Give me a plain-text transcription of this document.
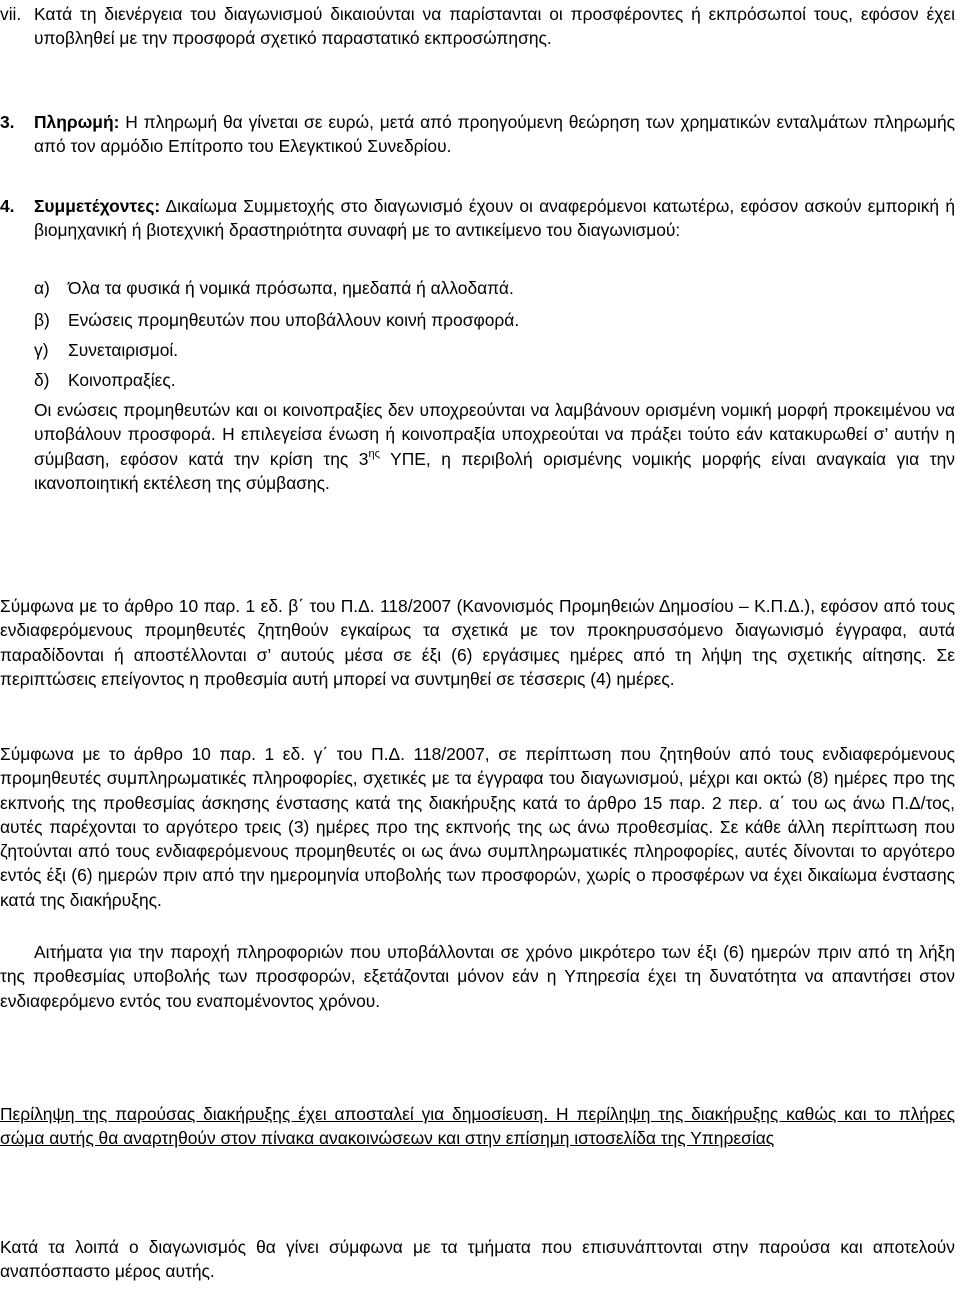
vii. Κατά τη διενέργεια του διαγωνισμού δικαιούνται να παρίστανται οι προσφέροντες ή εκπρόσωποί τους, εφόσον έχει υποβληθεί με την προσφορά σχετικό παραστατικό εκπροσώπησης.
3. Πληρωμή: Η πληρωμή θα γίνεται σε ευρώ, μετά από προηγούμενη θεώρηση των χρηματικών ενταλμάτων πληρωμής από τον αρμόδιο Επίτροπο του Ελεγκτικού Συνεδρίου.
4. Συμμετέχοντες: Δικαίωμα Συμμετοχής στο διαγωνισμό έχουν οι αναφερόμενοι κατωτέρω, εφόσον ασκούν εμπορική ή βιομηχανική ή βιοτεχνική δραστηριότητα συναφή με το αντικείμενο του διαγωνισμού:
α) Όλα τα φυσικά ή νομικά πρόσωπα, ημεδαπά ή αλλοδαπά.
β) Ενώσεις προμηθευτών που υποβάλλουν κοινή προσφορά.
γ) Συνεταιρισμοί.
δ) Κοινοπραξίες.
Οι ενώσεις προμηθευτών και οι κοινοπραξίες δεν υποχρεούνται να λαμβάνουν ορισμένη νομική μορφή προκειμένου να υποβάλουν προσφορά. Η επιλεγείσα ένωση ή κοινοπραξία υποχρεούται να πράξει τούτο εάν κατακυρωθεί σ’ αυτήν η σύμβαση, εφόσον κατά την κρίση της $3^{\eta\varsigma}$ ΥΠΕ, η περιβολή ορισμένης νομικής μορφής είναι αναγκαία για την ικανοποιητική εκτέλεση της σύμβασης.
Σύμφωνα με το άρθρο 10 παρ. 1 εδ. β΄ του Π.Δ. 118/2007 (Κανονισμός Προμηθειών Δημοσίου – Κ.Π.Δ.), εφόσον από τους ενδιαφερόμενους προμηθευτές ζητηθούν εγκαίρως τα σχετικά με τον προκηρυσσόμενο διαγωνισμό έγγραφα, αυτά παραδίδονται ή αποστέλλονται σ’ αυτούς μέσα σε έξι (6) εργάσιμες ημέρες από τη λήψη της σχετικής αίτησης. Σε περιπτώσεις επείγοντος η προθεσμία αυτή μπορεί να συντμηθεί σε τέσσερις (4) ημέρες.
Σύμφωνα με το άρθρο 10 παρ. 1 εδ. γ΄ του Π.Δ. 118/2007, σε περίπτωση που ζητηθούν από τους ενδιαφερόμενους προμηθευτές συμπληρωματικές πληροφορίες, σχετικές με τα έγγραφα του διαγωνισμού, μέχρι και οκτώ (8) ημέρες προ της εκπνοής της προθεσμίας άσκησης ένστασης κατά της διακήρυξης κατά το άρθρο 15 παρ. 2 περ. α΄ του ως άνω Π.Δ/τος, αυτές παρέχονται το αργότερο τρεις (3) ημέρες προ της εκπνοής της ως άνω προθεσμίας. Σε κάθε άλλη περίπτωση που ζητούνται από τους ενδιαφερόμενους προμηθευτές οι ως άνω συμπληρωματικές πληροφορίες, αυτές δίνονται το αργότερο εντός έξι (6) ημερών πριν από την ημερομηνία υποβολής των προσφορών, χωρίς ο προσφέρων να έχει δικαίωμα ένστασης κατά της διακήρυξης.
Αιτήματα για την παροχή πληροφοριών που υποβάλλονται σε χρόνο μικρότερο των έξι (6) ημερών πριν από τη λήξη της προθεσμίας υποβολής των προσφορών, εξετάζονται μόνον εάν η Υπηρεσία έχει τη δυνατότητα να απαντήσει στον ενδιαφερόμενο εντός του εναπομένοντος χρόνου.
Περίληψη της παρούσας διακήρυξης έχει αποσταλεί για δημοσίευση. Η περίληψη της διακήρυξης καθώς και το πλήρες σώμα αυτής θα αναρτηθούν στον πίνακα ανακοινώσεων και στην επίσημη ιστοσελίδα της Υπηρεσίας
Κατά τα λοιπά ο διαγωνισμός θα γίνει σύμφωνα με τα τμήματα που επισυνάπτονται στην παρούσα και αποτελούν αναπόσπαστο μέρος αυτής.
